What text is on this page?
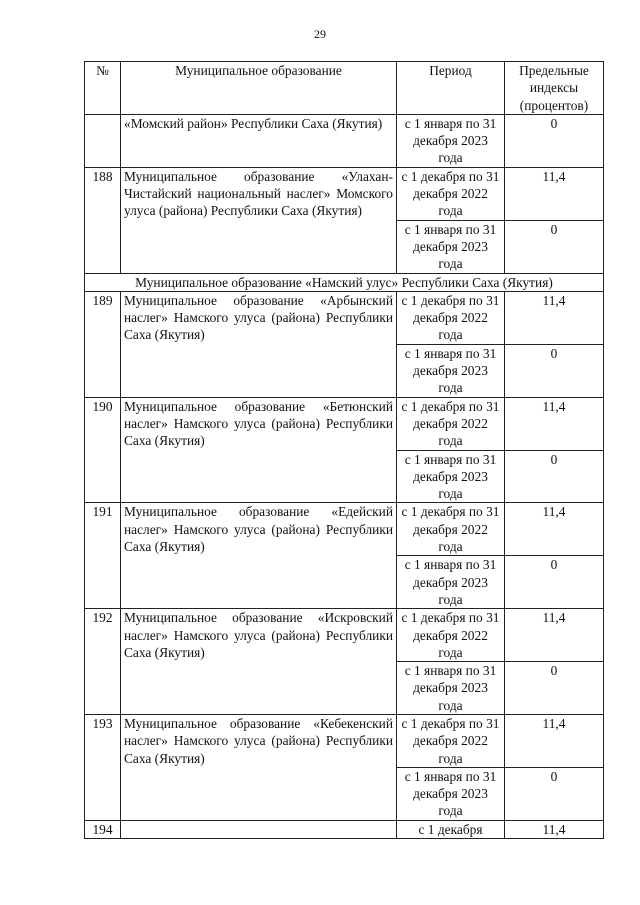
29
№	Муниципальное образование	Период	Предельные индексы (процентов)
	«Момский район» Республики Саха (Якутия)	с 1 января по 31 декабря 2023 года	0
188	Муниципальное образование «Улахан-Чистайский национальный наслег» Момского улуса (района) Республики Саха (Якутия)	с 1 декабря по 31 декабря 2022 года	11,4
		с 1 января по 31 декабря 2023 года	0
Муниципальное образование «Намский улус» Республики Саха (Якутия)			
189	Муниципальное образование «Арбынский наслег» Намского улуса (района) Республики Саха (Якутия)	с 1 декабря по 31 декабря 2022 года	11,4
		с 1 января по 31 декабря 2023 года	0
190	Муниципальное образование «Бетюнский наслег» Намского улуса (района) Республики Саха (Якутия)	с 1 декабря по 31 декабря 2022 года	11,4
		с 1 января по 31 декабря 2023 года	0
191	Муниципальное образование «Едейский наслег» Намского улуса (района) Республики Саха (Якутия)	с 1 декабря по 31 декабря 2022 года	11,4
		с 1 января по 31 декабря 2023 года	0
192	Муниципальное образование «Искровский наслег» Намского улуса (района) Республики Саха (Якутия)	с 1 декабря по 31 декабря 2022 года	11,4
		с 1 января по 31 декабря 2023 года	0
193	Муниципальное образование «Кебекенский наслег» Намского улуса (района) Республики Саха (Якутия)	с 1 декабря по 31 декабря 2022 года	11,4
		с 1 января по 31 декабря 2023 года	0
194		с 1 декабря	11,4
